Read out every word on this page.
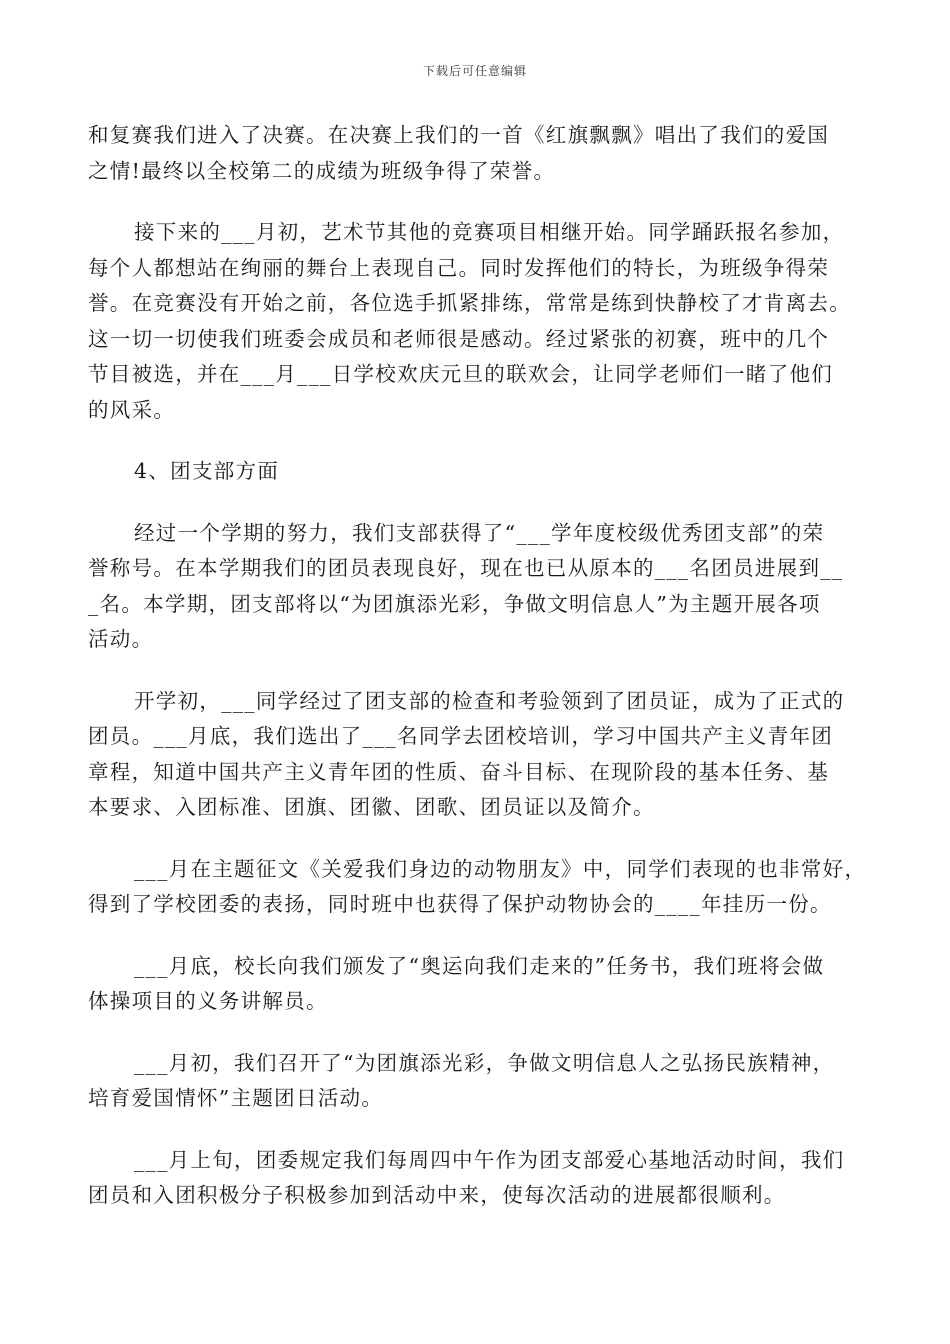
下载后可任意编辑

和复赛我们进入了决赛。在决赛上我们的一首《红旗飘飘》唱出了我们的爱国
之情!最终以全校第二的成绩为班级争得了荣誉。

接下来的___月初，艺术节其他的竞赛项目相继开始。同学踊跃报名参加，
每个人都想站在绚丽的舞台上表现自己。同时发挥他们的特长，为班级争得荣
誉。在竞赛没有开始之前，各位选手抓紧排练，常常是练到快静校了才肯离去。
这一切一切使我们班委会成员和老师很是感动。经过紧张的初赛，班中的几个
节目被选，并在___月___日学校欢庆元旦的联欢会，让同学老师们一睹了他们
的风采。

4、团支部方面

经过一个学期的努力，我们支部获得了“___学年度校级优秀团支部”的荣
誉称号。在本学期我们的团员表现良好，现在也已从原本的___名团员进展到__
_名。本学期，团支部将以“为团旗添光彩，争做文明信息人”为主题开展各项
活动。

开学初，___同学经过了团支部的检查和考验领到了团员证，成为了正式的
团员。___月底，我们选出了___名同学去团校培训，学习中国共产主义青年团
章程，知道中国共产主义青年团的性质、奋斗目标、在现阶段的基本任务、基
本要求、入团标准、团旗、团徽、团歌、团员证以及简介。

___月在主题征文《关爱我们身边的动物朋友》中，同学们表现的也非常好，
得到了学校团委的表扬，同时班中也获得了保护动物协会的____年挂历一份。

___月底，校长向我们颁发了“奥运向我们走来的”任务书，我们班将会做
体操项目的义务讲解员。

___月初，我们召开了“为团旗添光彩，争做文明信息人之弘扬民族精神，
培育爱国情怀”主题团日活动。

___月上旬，团委规定我们每周四中午作为团支部爱心基地活动时间，我们
团员和入团积极分子积极参加到活动中来，使每次活动的进展都很顺利。
